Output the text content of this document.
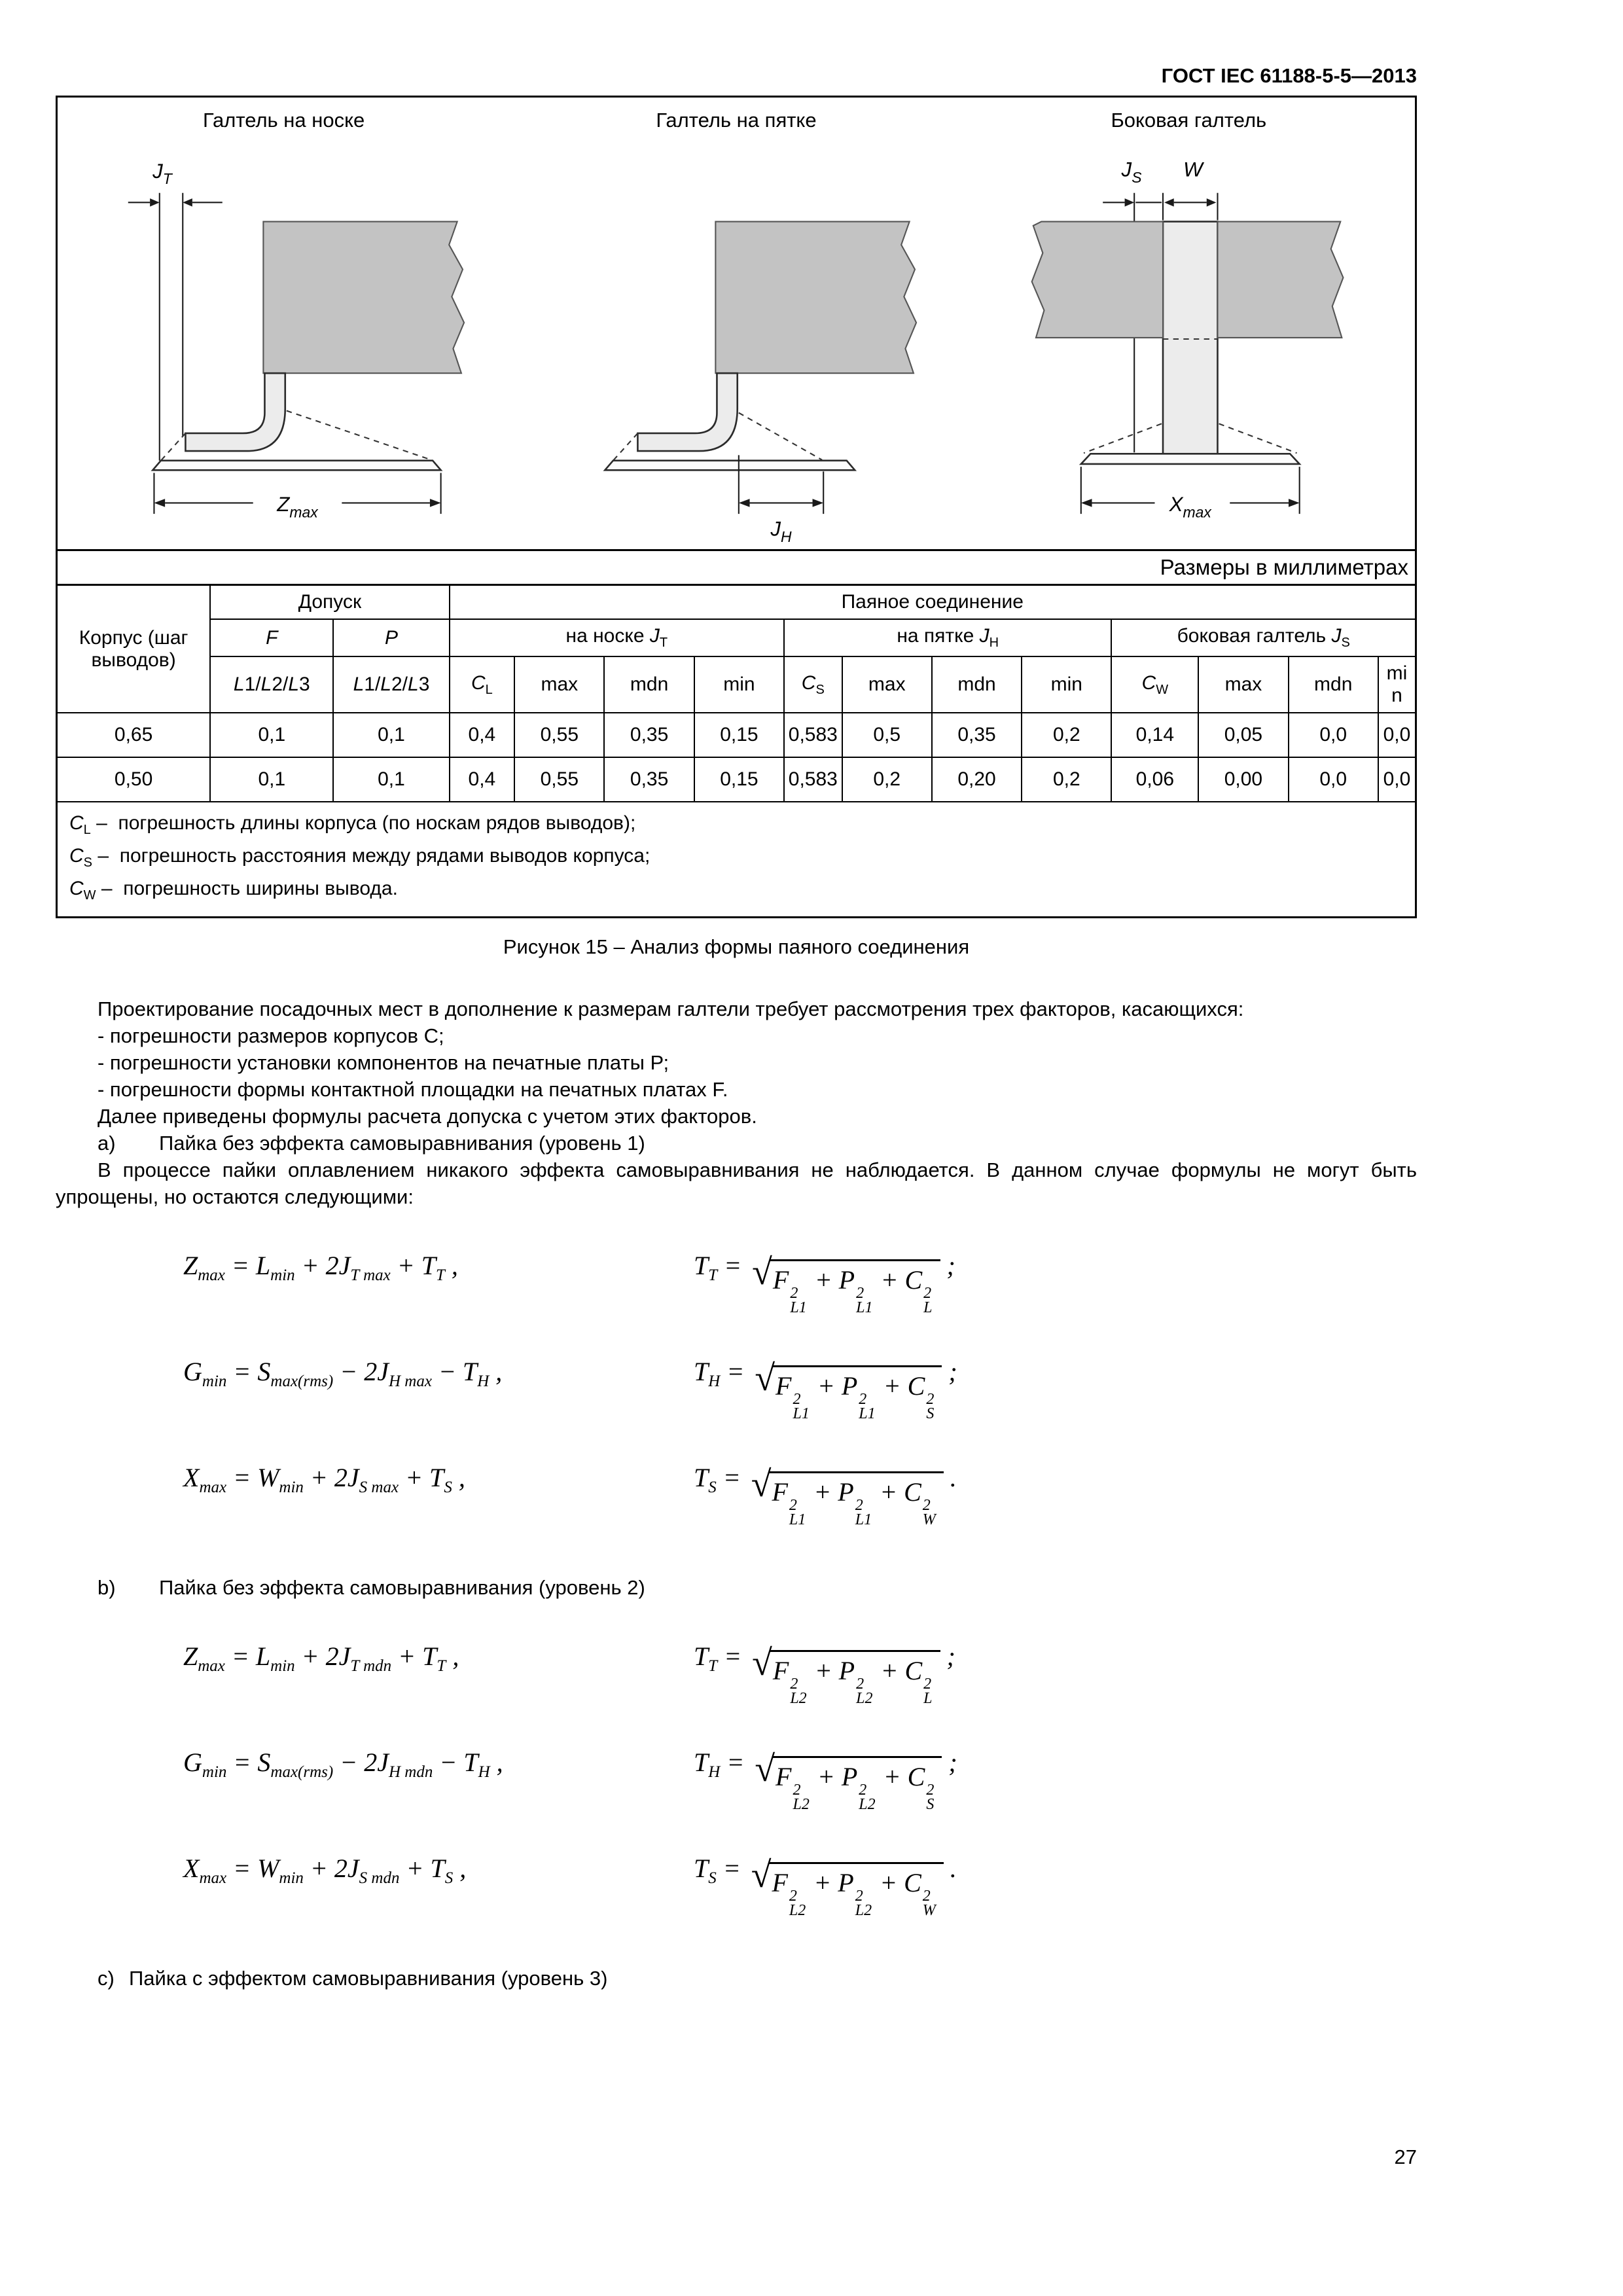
ГОСТ IEC 61188-5-5—2013
Галтель на носке
$J_T$
$Z_{max}$
Галтель на пятке
$J_H$
Боковая галтель
$J_S$ W
$X_{max}$
Размеры в миллиметрах
Корпус (шаг выводов)	Допуск		Паяное соединение											
	F	P	на носке $J_T$				на пятке $J_H$				боковая галтель $J_S$
	L1/L2/L3	L1/L2/L3	$C_L$	max	mdn	min	$C_S$	max	mdn	min	$C_W$	max	mdn	min
0,65	0,1	0,1	0,4	0,55	0,35	0,15	0,583	0,5	0,35	0,2	0,14	0,05	0,0	0,0
0,50	0,1	0,1	0,4	0,55	0,35	0,15	0,583	0,2	0,20	0,2	0,06	0,00	0,0	0,0

$C_L$ –  погрешность длины корпуса (по носкам рядов выводов);
$C_S$ –  погрешность расстояния между рядами выводов корпуса;
$C_W$ –  погрешность ширины вывода.														
Рисунок 15 – Анализ формы паяного соединения

Проектирование посадочных мест в дополнение к размерам галтели требует рассмотрения трех факторов, касающихся:

- погрешности размеров корпусов С;
- погрешности установки компонентов на печатные платы Р;
- погрешности формы контактной площадки на печатных платах F.
Далее приведены формулы расчета допуска с учетом этих факторов.
a) Пайка без эффекта самовыравнивания (уровень 1)

В процессе пайки оплавлением никакого эффекта самовыравнивания не наблюдается. В данном случае формулы не могут быть упрощены, но остаются следующими:

$Z_{max} = L_{min} + 2J_{T max} + T_T$ ,	$T_T$ = √ F 2
L1
+ P 2
L1
+ C 2
L
;
$G_{min} = S_{max(rms)} - 2J_{H max} - T_H$ ,	$T_H$ = √ F 2
L1
+ P 2
L1
+ C 2
S
;
$X_{max} = W_{min} + 2J_{S max} + T_S$ ,	$T_S$ = √ F 2
L1
+ P 2
L1
+ C 2
W
.
b) Пайка без эффекта самовыравнивания (уровень 2)
$Z_{max} = L_{min} + 2J_{T mdn} + T_T$ ,	$T_T$ = √ F 2
L2
+ P 2
L2
+ C 2
L
;
$G_{min} = S_{max(rms)} - 2J_{H mdn} - T_H$ ,	$T_H$ = √ F 2
L2
+ P 2
L2
+ C 2
S
;
$X_{max} = W_{min} + 2J_{S mdn} + T_S$ ,	$T_S$ = √ F 2
L2
+ P 2
L2
+ C 2
W
.
c) Пайка с эффектом самовыравнивания (уровень 3)
27
